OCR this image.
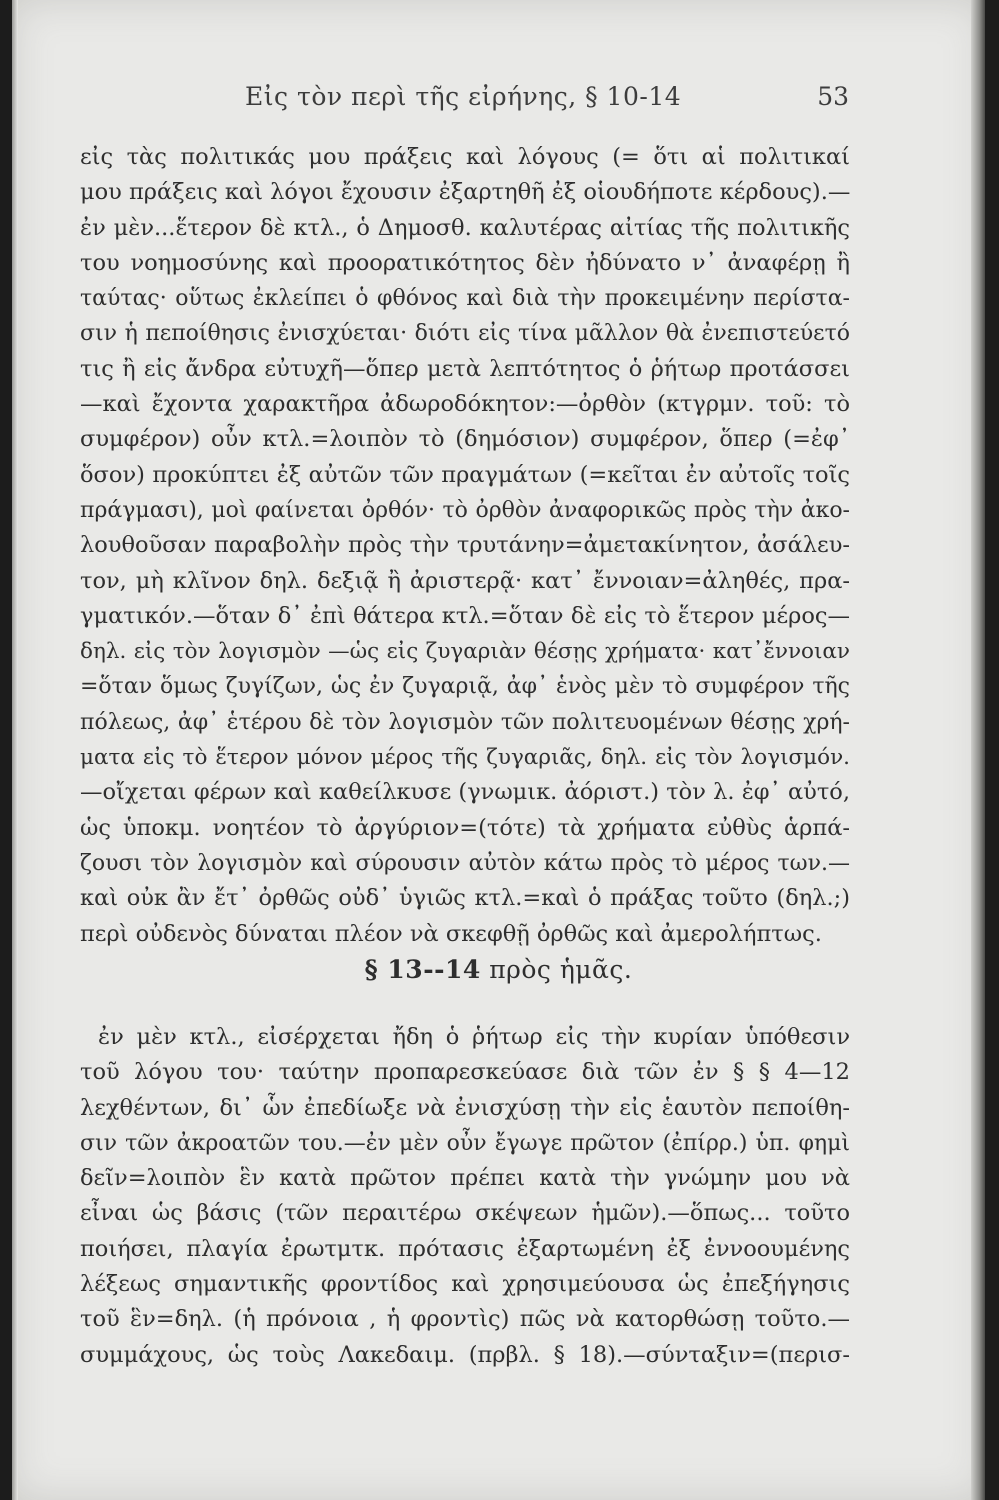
Εἰς τὸν περὶ τῆς εἰρήνης, § 10-14	53
εἰς τὰς πολιτικάς μου πράξεις καὶ λόγους (= ὅτι αἱ πολιτικαί
μου πράξεις καὶ λόγοι ἔχουσιν ἐξαρτηθῆ ἐξ οἱουδήποτε κέρδους).—
ἐν μὲν...ἕτερον δὲ κτλ., ὁ Δημοσθ. καλυτέρας αἰτίας τῆς πολιτικῆς
του νοημοσύνης καὶ προορατικότητος δὲν ἠδύνατο ν᾽ ἀναφέρῃ ἢ
ταύτας· οὕτως ἐκλείπει ὁ φθόνος καὶ διὰ τὴν προκειμένην περίστα-
σιν ἡ πεποίθησις ἐνισχύεται· διότι εἰς τίνα μᾶλλον θὰ ἐνεπιστεύετό
τις ἢ εἰς ἄνδρα εὐτυχῆ—ὅπερ μετὰ λεπτότητος ὁ ῥήτωρ προτάσσει
—καὶ ἔχοντα χαρακτῆρα ἀδωροδόκητον:—ὀρθὸν (κτγρμν. τοῦ: τὸ
συμφέρον) οὖν κτλ.=λοιπὸν τὸ (δημόσιον) συμφέρον, ὅπερ (=ἐφ᾽
ὅσον) προκύπτει ἐξ αὐτῶν τῶν πραγμάτων (=κεῖται ἐν αὐτοῖς τοῖς
πράγμασι), μοὶ φαίνεται ὀρθόν· τὸ ὀρθὸν ἀναφορικῶς πρὸς τὴν ἀκο-
λουθοῦσαν παραβολὴν πρὸς τὴν τρυτάνην=ἀμετακίνητον, ἀσάλευ-
τον, μὴ κλῖνον δηλ. δεξιᾷ ἢ ἀριστερᾷ· κατ᾽ ἔννοιαν=ἀληθές, πρα-
γματικόν.—ὅταν δ᾽ ἐπὶ θάτερα κτλ.=ὅταν δὲ εἰς τὸ ἕτερον μέρος—
δηλ. εἰς τὸν λογισμὸν —ὡς εἰς ζυγαριὰν θέσῃς χρήματα· κατ᾽ἔννοιαν
=ὅταν ὅμως ζυγίζων, ὡς ἐν ζυγαριᾷ, ἀφ᾽ ἑνὸς μὲν τὸ συμφέρον τῆς
πόλεως, ἀφ᾽ ἑτέρου δὲ τὸν λογισμὸν τῶν πολιτευομένων θέσῃς χρή-
ματα εἰς τὸ ἕτερον μόνον μέρος τῆς ζυγαριᾶς, δηλ. εἰς τὸν λογισμόν.
—οἴχεται φέρων καὶ καθείλκυσε (γνωμικ. ἀόριστ.) τὸν λ. ἐφ᾽ αὐτό,
ὡς ὑποκμ. νοητέον τὸ ἀργύριον=(τότε) τὰ χρήματα εὐθὺς ἁρπά-
ζουσι τὸν λογισμὸν καὶ σύρουσιν αὐτὸν κάτω πρὸς τὸ μέρος των.—
καὶ οὐκ ἂν ἔτ᾽ ὀρθῶς οὐδ᾽ ὑγιῶς κτλ.=καὶ ὁ πράξας τοῦτο (δηλ.;)
περὶ οὐδενὸς δύναται πλέον νὰ σκεφθῇ ὀρθῶς καὶ ἀμερολήπτως.
§ 13--14 πρὸς ἡμᾶς.
ἐν μὲν κτλ., εἰσέρχεται ἤδη ὁ ῥήτωρ εἰς τὴν κυρίαν ὑπόθεσιν
τοῦ λόγου του· ταύτην προπαρεσκεύασε διὰ τῶν ἐν § § 4—12
λεχθέντων, δι᾽ ὧν ἐπεδίωξε νὰ ἐνισχύσῃ τὴν εἰς ἑαυτὸν πεποίθη-
σιν τῶν ἀκροατῶν του.—ἐν μὲν οὖν ἔγωγε πρῶτον (ἐπίρρ.) ὑπ. φημὶ
δεῖν=λοιπὸν ἓν κατὰ πρῶτον πρέπει κατὰ τὴν γνώμην μου νὰ
εἶναι ὡς βάσις (τῶν περαιτέρω σκέψεων ἡμῶν).—ὅπως... τοῦτο
ποιήσει, πλαγία ἐρωτμτκ. πρότασις ἐξαρτωμένη ἐξ ἐννοουμένης
λέξεως σημαντικῆς φροντίδος καὶ χρησιμεύουσα ὡς ἐπεξήγησις
τοῦ ἓν=δηλ. (ἡ πρόνοια , ἡ φροντὶς) πῶς νὰ κατορθώσῃ τοῦτο.—
συμμάχους, ὡς τοὺς Λακεδαιμ. (πρβλ. § 18).—σύνταξιν=(περισ-
